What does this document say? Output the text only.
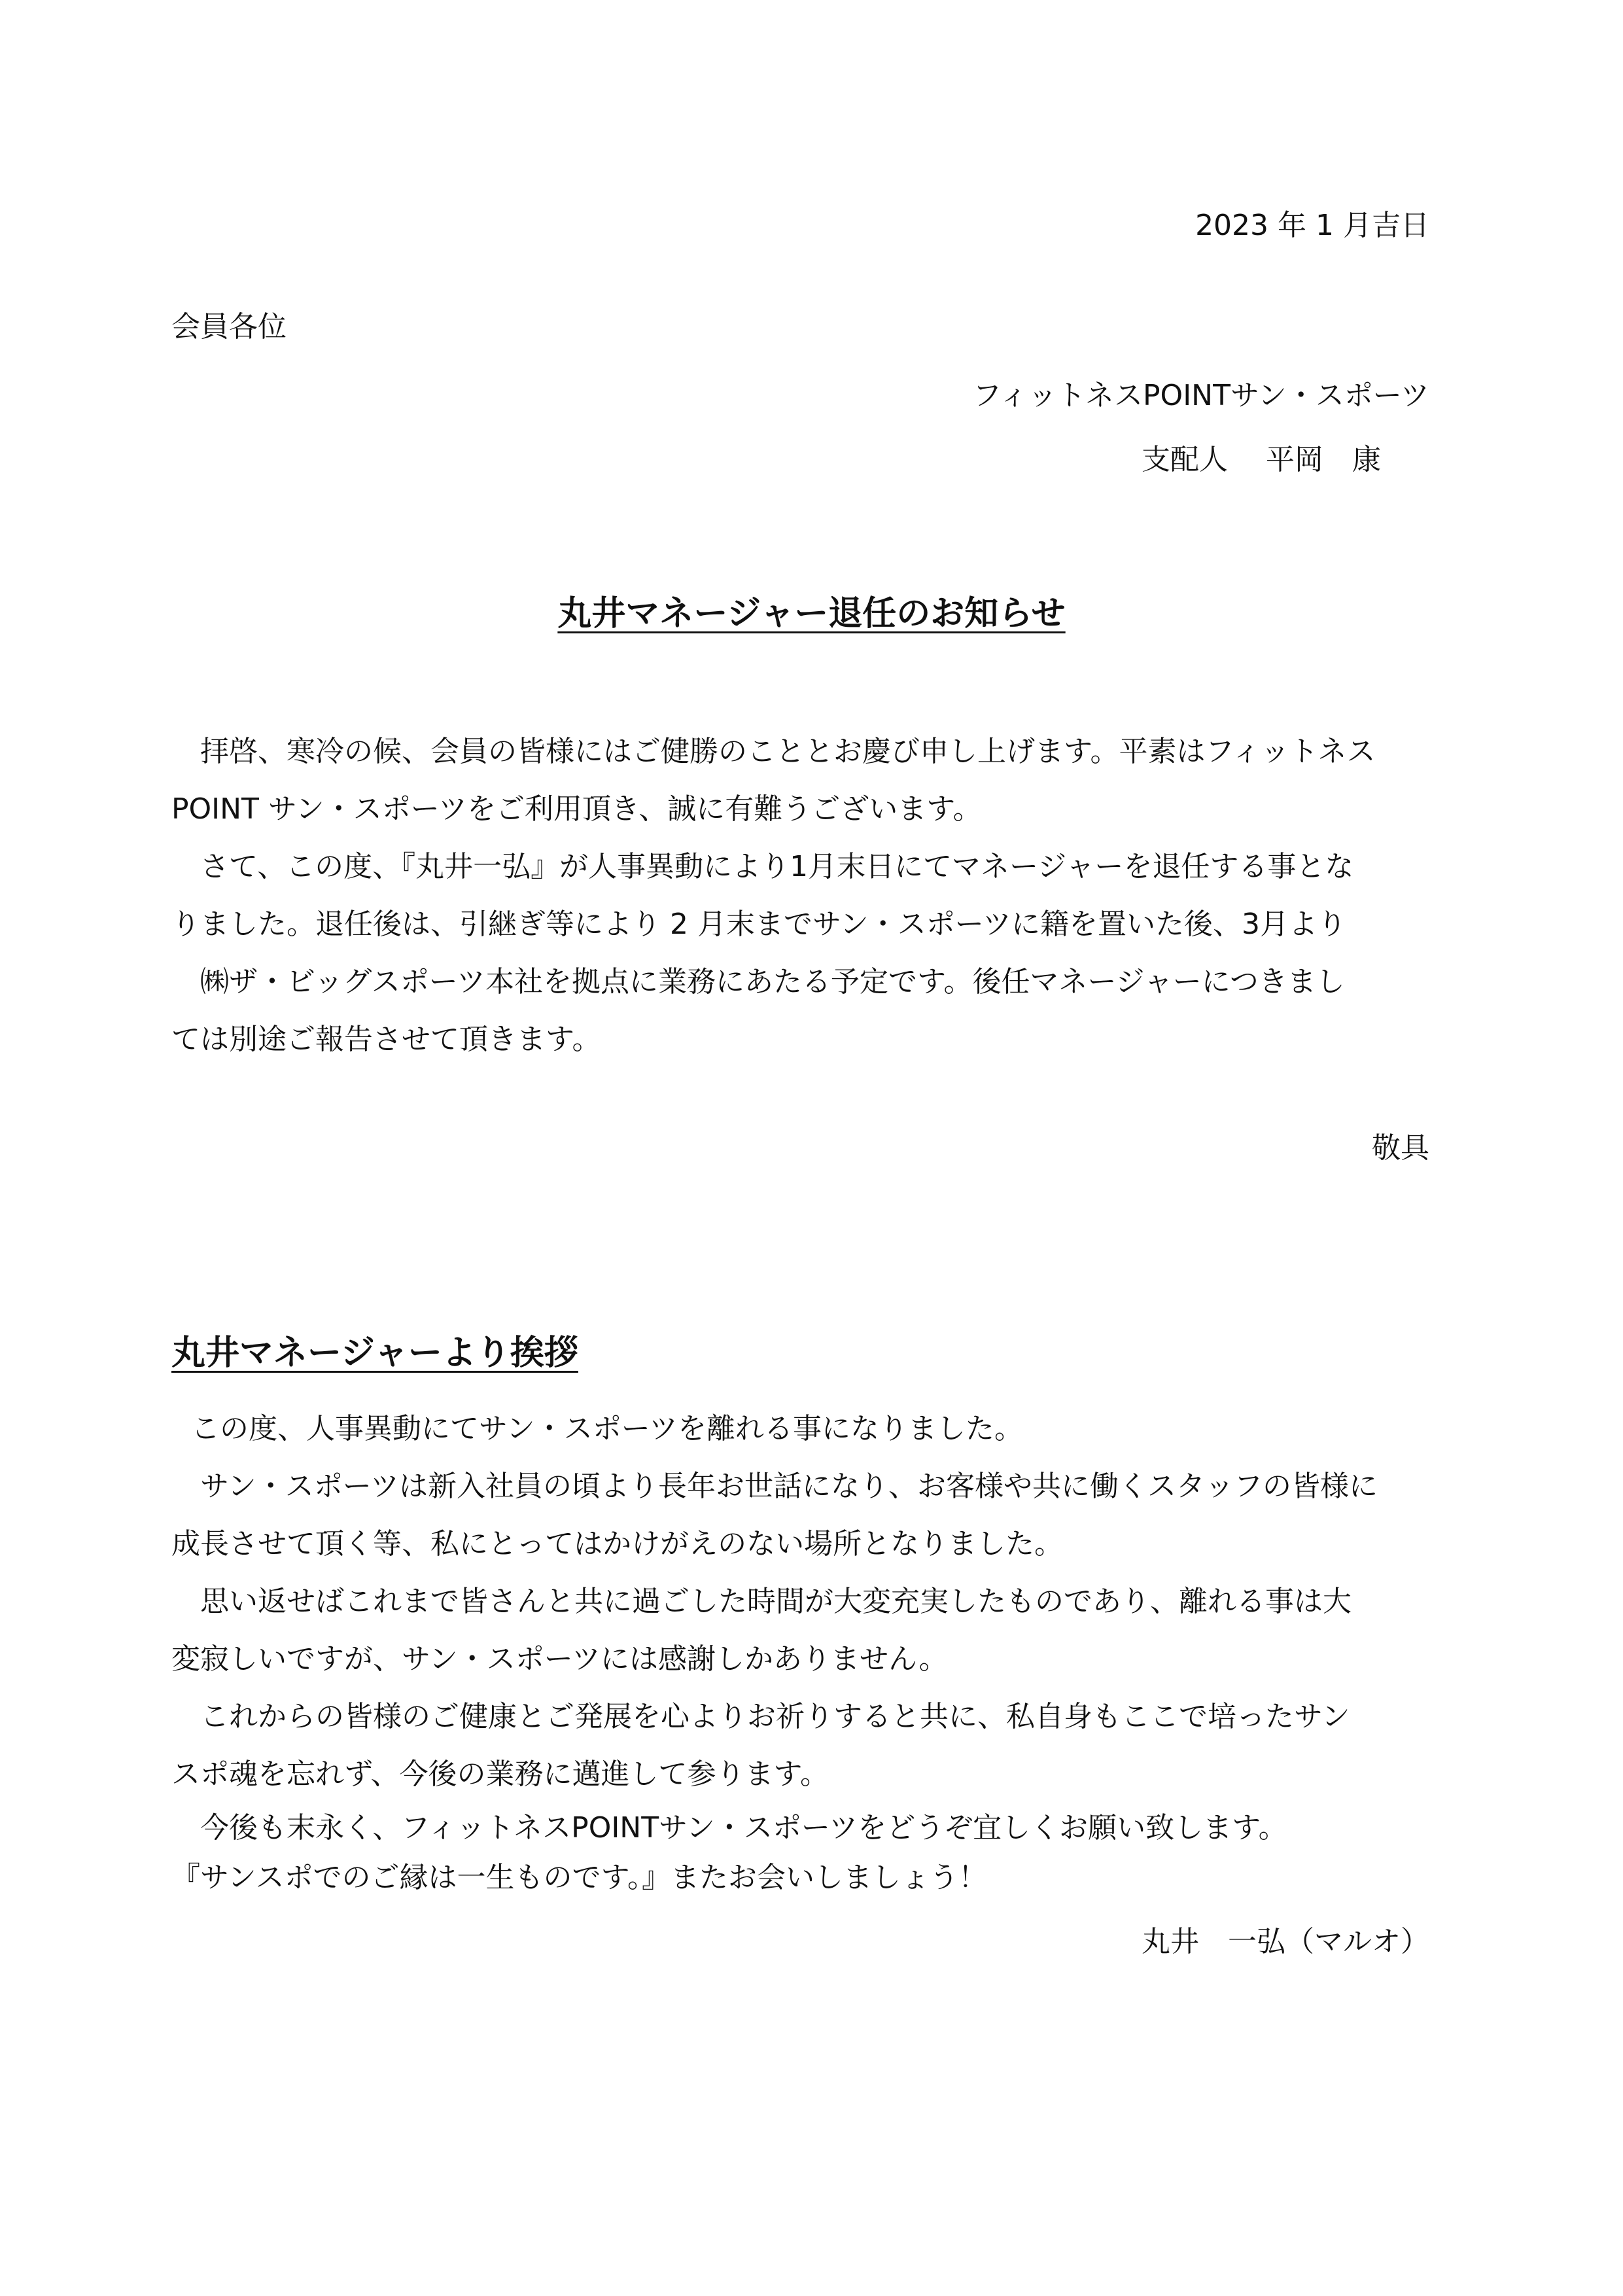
2023 年 1 月吉日
会員各位
フィットネスPOINTサン・スポーツ
支配人　 平岡　康
丸井マネージャー退任のお知らせ

拝啓、寒冷の候、会員の皆様にはご健勝のこととお慶び申し上げます。平素はフィットネス

POINT サン・スポーツをご利用頂き、誠に有難うございます。

さて、この度、『丸井一弘』が人事異動により1月末日にてマネージャーを退任する事とな

りました。退任後は、引継ぎ等により 2 月末までサン・スポーツに籍を置いた後、3月より

㈱ザ・ビッグスポーツ本社を拠点に業務にあたる予定です。後任マネージャーにつきまし

ては別途ご報告させて頂きます。

敬具
丸井マネージャーより挨拶

この度、人事異動にてサン・スポーツを離れる事になりました。

サン・スポーツは新入社員の頃より長年お世話になり、お客様や共に働くスタッフの皆様に

成長させて頂く等、私にとってはかけがえのない場所となりました。

思い返せばこれまで皆さんと共に過ごした時間が大変充実したものであり、離れる事は大

変寂しいですが、サン・スポーツには感謝しかありません。

これからの皆様のご健康とご発展を心よりお祈りすると共に、私自身もここで培ったサン

スポ魂を忘れず、今後の業務に邁進して参ります。

今後も末永く、フィットネスPOINTサン・スポーツをどうぞ宜しくお願い致します。

『サンスポでのご縁は一生ものです。』またお会いしましょう！

丸井　一弘（マルオ）
